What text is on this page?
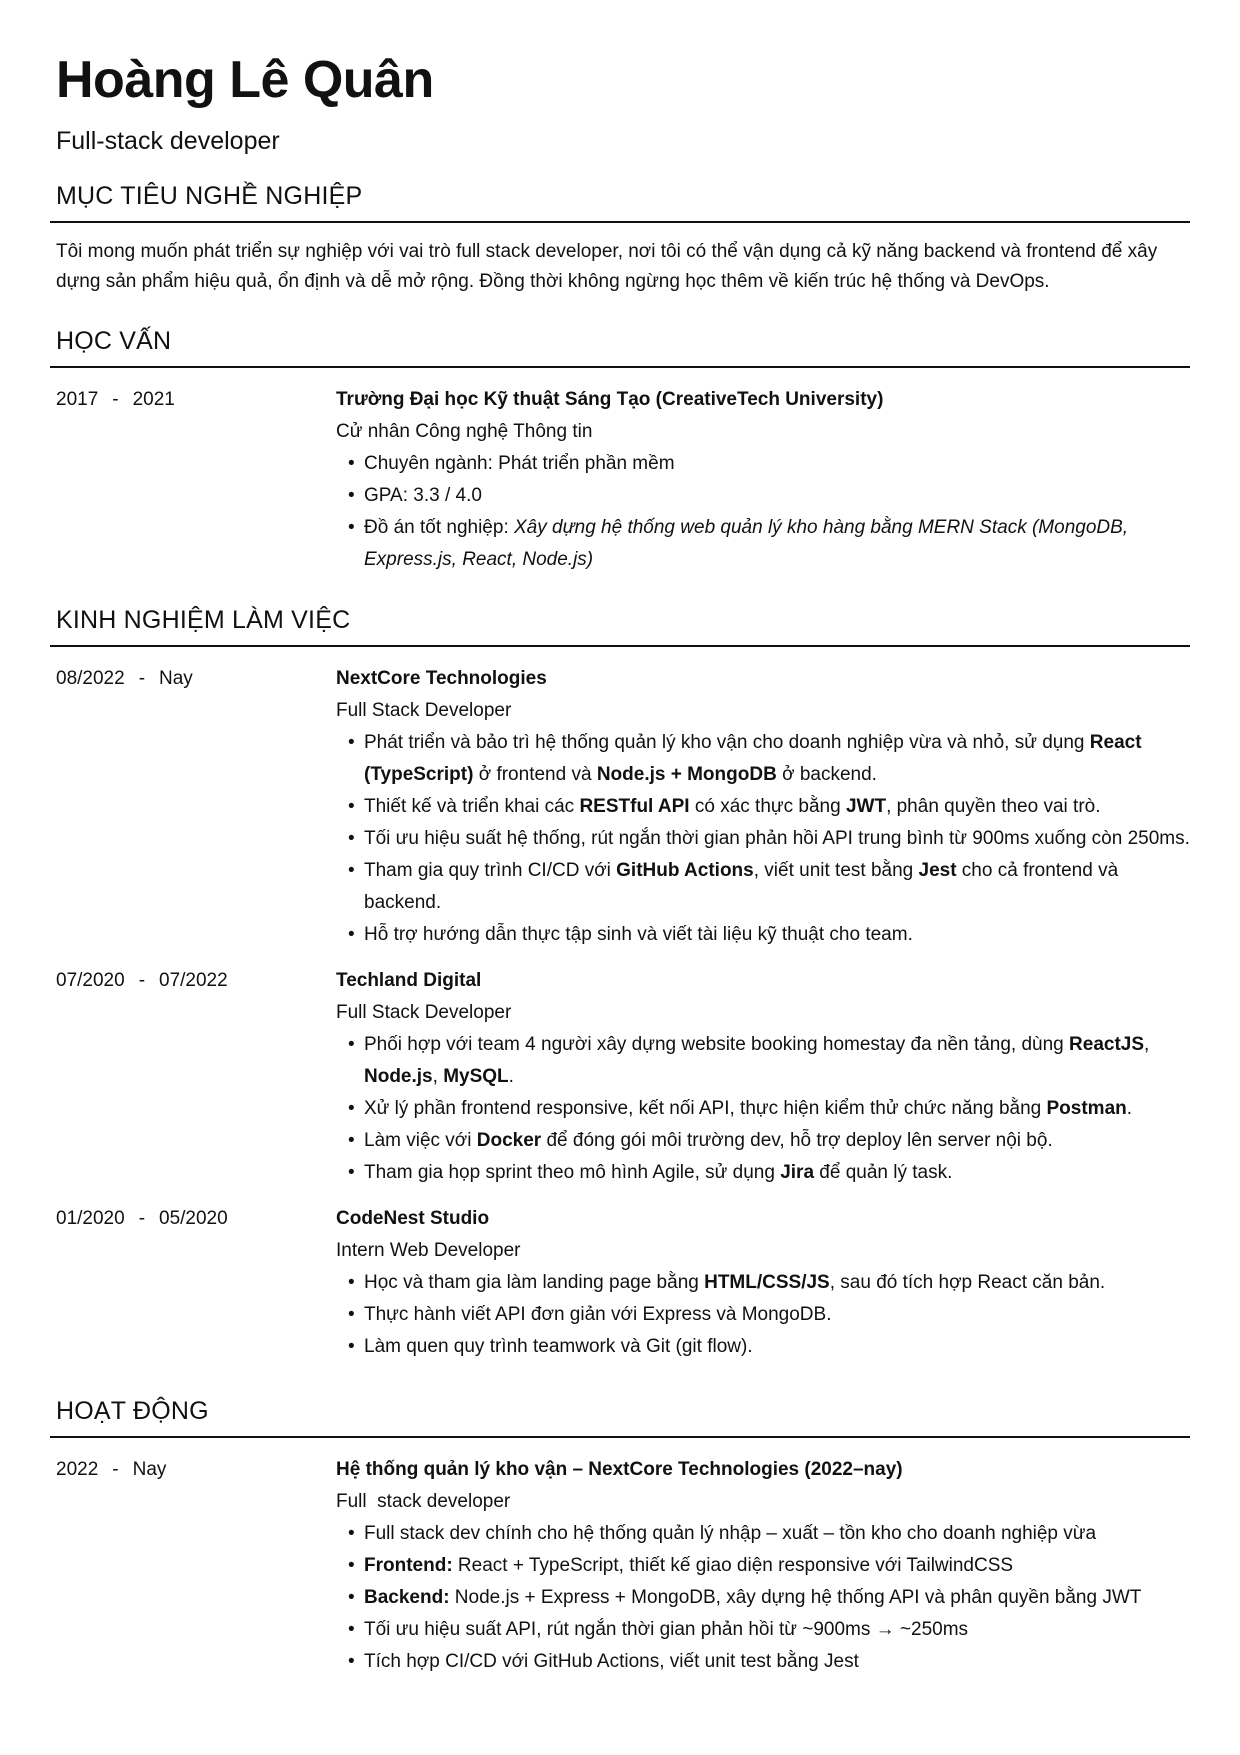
Hoàng Lê Quân
Full-stack developer
MỤC TIÊU NGHỀ NGHIỆP
Tôi mong muốn phát triển sự nghiệp với vai trò full stack developer, nơi tôi có thể vận dụng cả kỹ năng backend và frontend để xây dựng sản phẩm hiệu quả, ổn định và dễ mở rộng. Đồng thời không ngừng học thêm về kiến trúc hệ thống và DevOps.
HỌC VẤN
2017 - 2021	Trường Đại học Kỹ thuật Sáng Tạo (CreativeTech University)
Cử nhân Công nghệ Thông tin
• Chuyên ngành: Phát triển phần mềm
• GPA: 3.3 / 4.0
• Đồ án tốt nghiệp: Xây dựng hệ thống web quản lý kho hàng bằng MERN Stack (MongoDB, Express.js, React, Node.js)
KINH NGHIỆM LÀM VIỆC
08/2022 - Nay	NextCore Technologies
Full Stack Developer
• Phát triển và bảo trì hệ thống quản lý kho vận cho doanh nghiệp vừa và nhỏ, sử dụng React (TypeScript) ở frontend và Node.js + MongoDB ở backend.
• Thiết kế và triển khai các RESTful API có xác thực bằng JWT, phân quyền theo vai trò.
• Tối ưu hiệu suất hệ thống, rút ngắn thời gian phản hồi API trung bình từ 900ms xuống còn 250ms.
• Tham gia quy trình CI/CD với GitHub Actions, viết unit test bằng Jest cho cả frontend và backend.
• Hỗ trợ hướng dẫn thực tập sinh và viết tài liệu kỹ thuật cho team.
07/2020 - 07/2022	Techland Digital
Full Stack Developer
• Phối hợp với team 4 người xây dựng website booking homestay đa nền tảng, dùng ReactJS, Node.js, MySQL.
• Xử lý phần frontend responsive, kết nối API, thực hiện kiểm thử chức năng bằng Postman.
• Làm việc với Docker để đóng gói môi trường dev, hỗ trợ deploy lên server nội bộ.
• Tham gia họp sprint theo mô hình Agile, sử dụng Jira để quản lý task.
01/2020 - 05/2020	CodeNest Studio
Intern Web Developer
• Học và tham gia làm landing page bằng HTML/CSS/JS, sau đó tích hợp React căn bản.
• Thực hành viết API đơn giản với Express và MongoDB.
• Làm quen quy trình teamwork và Git (git flow).
HOẠT ĐỘNG
2022 - Nay	Hệ thống quản lý kho vận – NextCore Technologies (2022–nay)
Full  stack developer
• Full stack dev chính cho hệ thống quản lý nhập – xuất – tồn kho cho doanh nghiệp vừa
• Frontend: React + TypeScript, thiết kế giao diện responsive với TailwindCSS
• Backend: Node.js + Express + MongoDB, xây dựng hệ thống API và phân quyền bằng JWT
• Tối ưu hiệu suất API, rút ngắn thời gian phản hồi từ ~900ms → ~250ms
• Tích hợp CI/CD với GitHub Actions, viết unit test bằng Jest
